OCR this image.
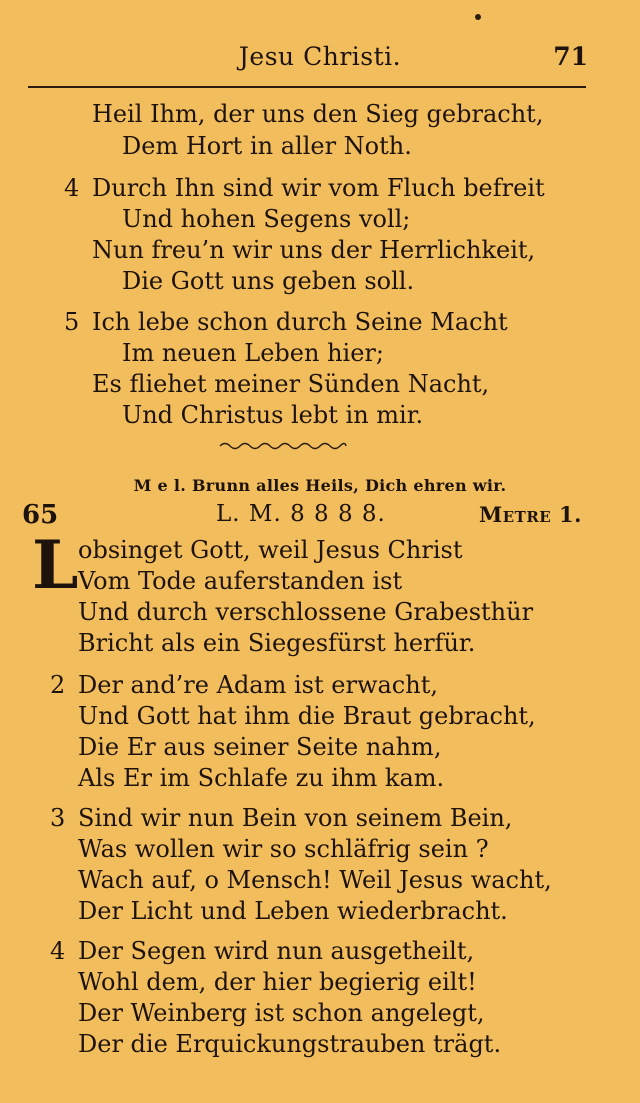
Jesu Christi.	71
Heil Ihm, der uns den Sieg gebracht,
Dem Hort in aller Noth.
4 Durch Ihn sind wir vom Fluch befreit
Und hohen Segens voll;
Nun freu’n wir uns der Herrlichkeit,
Die Gott uns geben soll.
5 Ich lebe schon durch Seine Macht
Im neuen Leben hier;
Es fliehet meiner Sünden Nacht,
Und Christus lebt in mir.
M e l. Brunn alles Heils, Dich ehren wir.
65	L. M. 8 8 8 8.	Metre 1.
L obsinget Gott, weil Jesus Christ
Vom Tode auferstanden ist
Und durch verschlossene Grabesthür
Bricht als ein Siegesfürst herfür.
2 Der and’re Adam ist erwacht,
Und Gott hat ihm die Braut gebracht,
Die Er aus seiner Seite nahm,
Als Er im Schlafe zu ihm kam.
3 Sind wir nun Bein von seinem Bein,
Was wollen wir so schläfrig sein ?
Wach auf, o Mensch! Weil Jesus wacht,
Der Licht und Leben wiederbracht.
4 Der Segen wird nun ausgetheilt,
Wohl dem, der hier begierig eilt!
Der Weinberg ist schon angelegt,
Der die Erquickungstrauben trägt.
